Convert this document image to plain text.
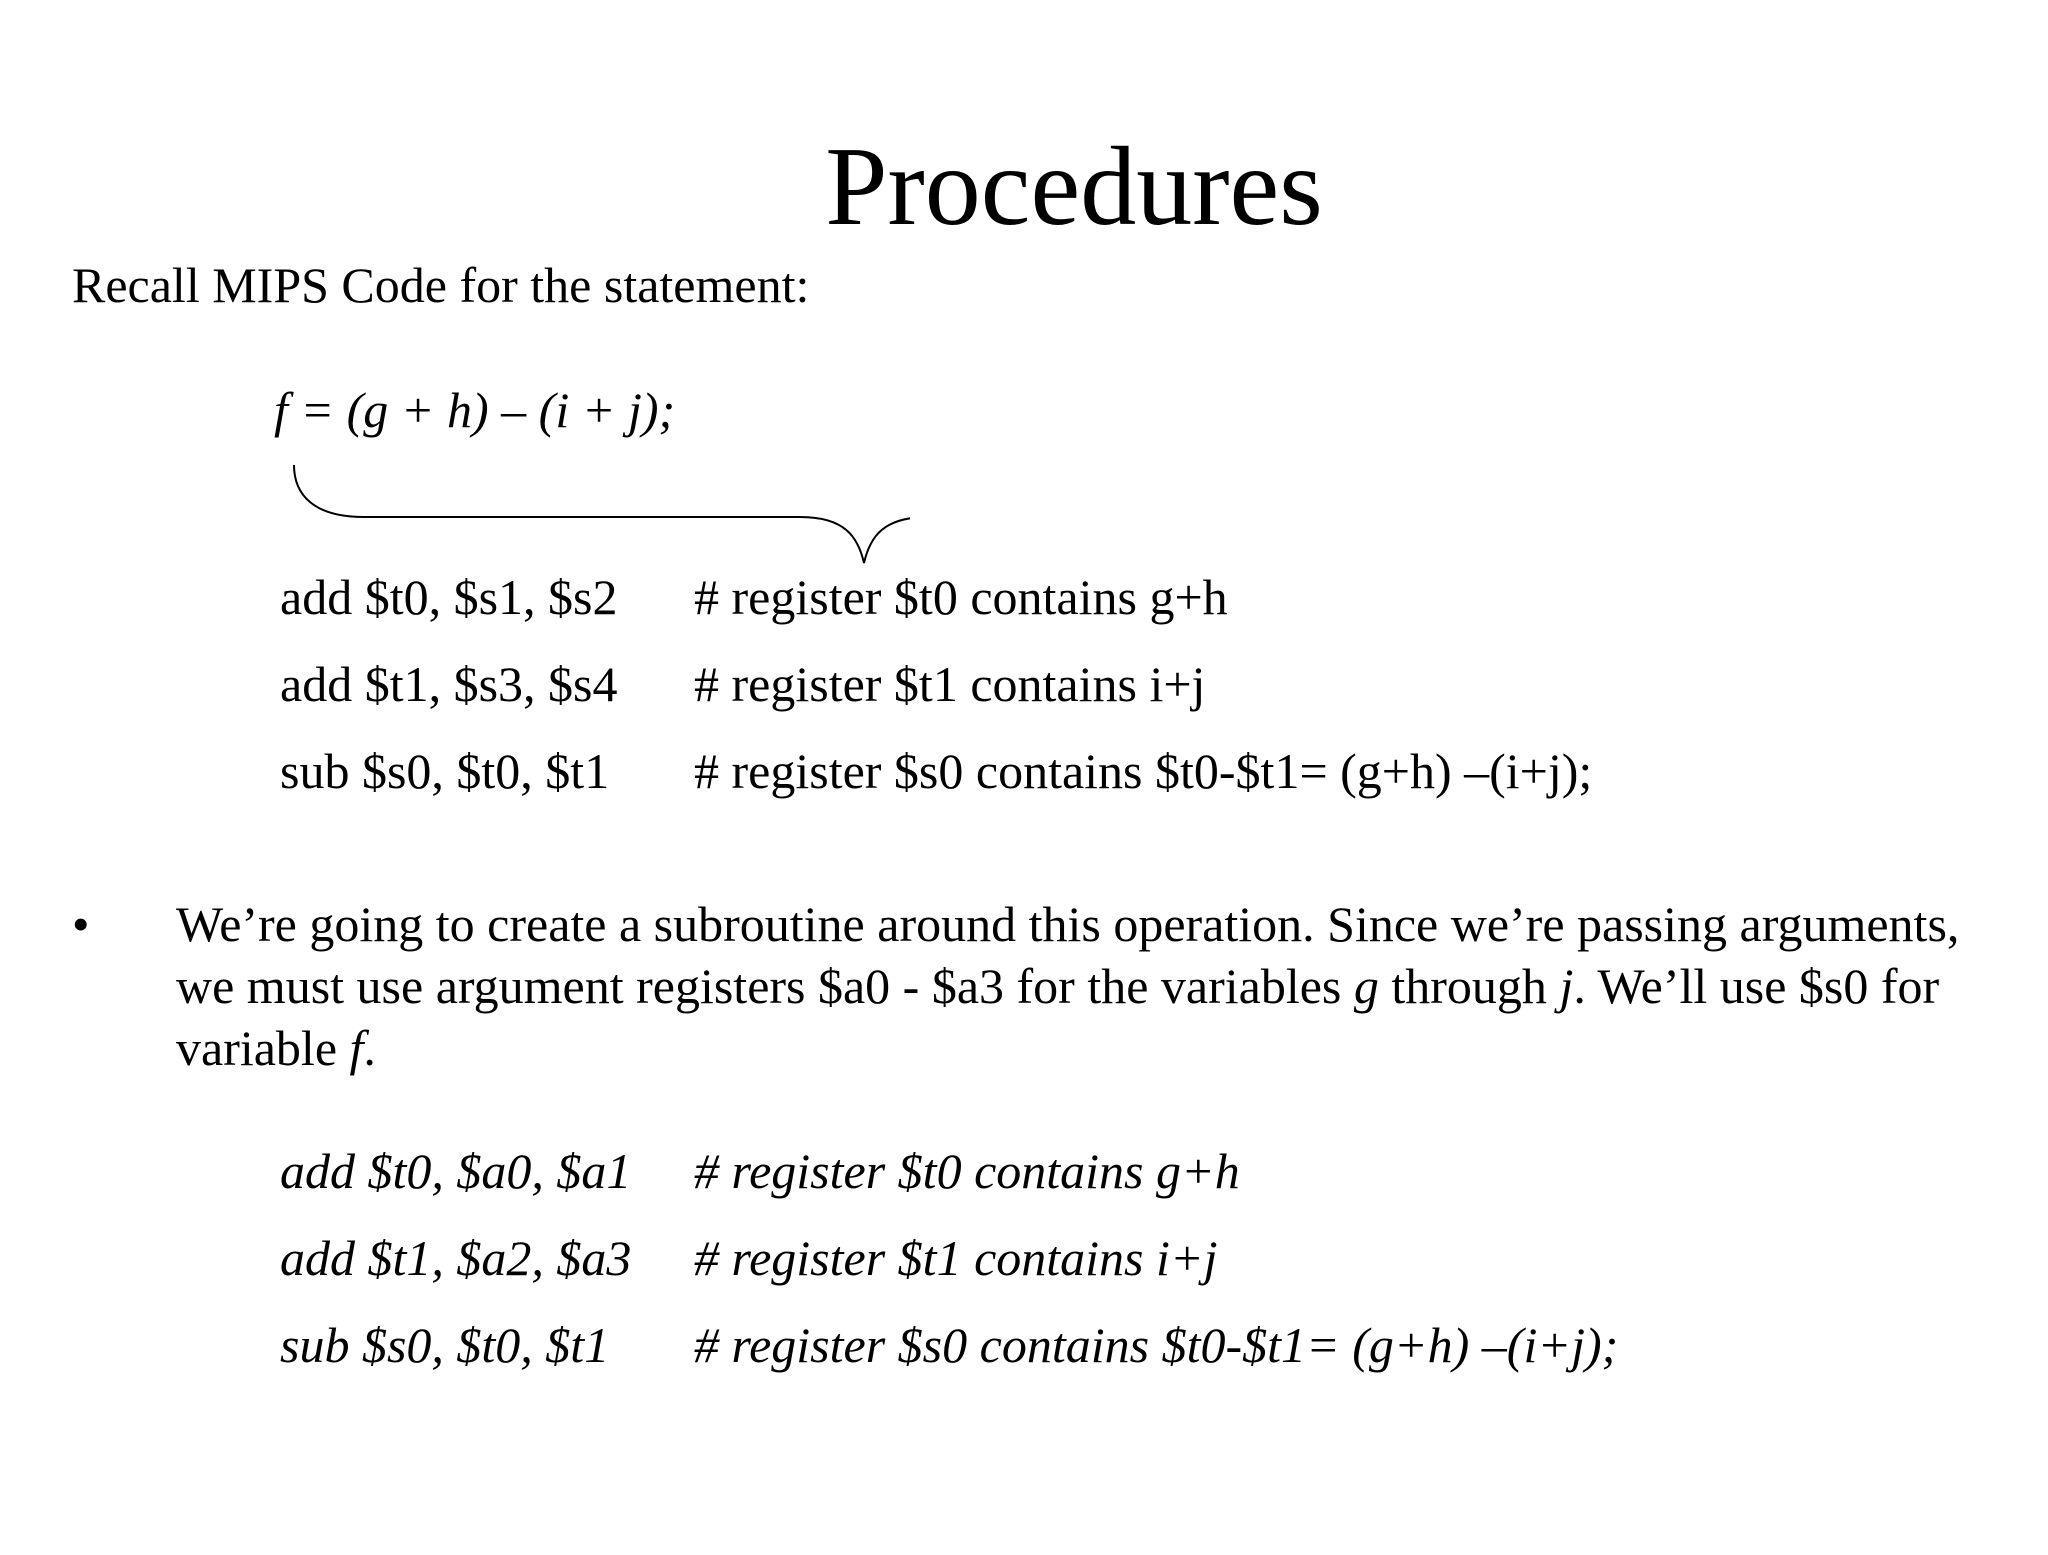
Procedures
Recall MIPS Code for the statement:
f = (g + h) – (i + j);

add $t0, $s1, $s2

# register $t0 contains g+h

add $t1, $s3, $s4

# register $t1 contains i+j

sub $s0, $t0, $t1

# register $s0 contains $t0-$t1= (g+h) –(i+j);

• We’re going to create a subroutine around this operation. Since we’re passing arguments, we must use argument registers $a0 - $a3 for the variables g through j. We’ll use $s0 for variable f.

add $t0, $a0, $a1

# register $t0 contains g+h

add $t1, $a2, $a3

# register $t1 contains i+j

sub $s0, $t0, $t1

# register $s0 contains $t0-$t1= (g+h) –(i+j);
